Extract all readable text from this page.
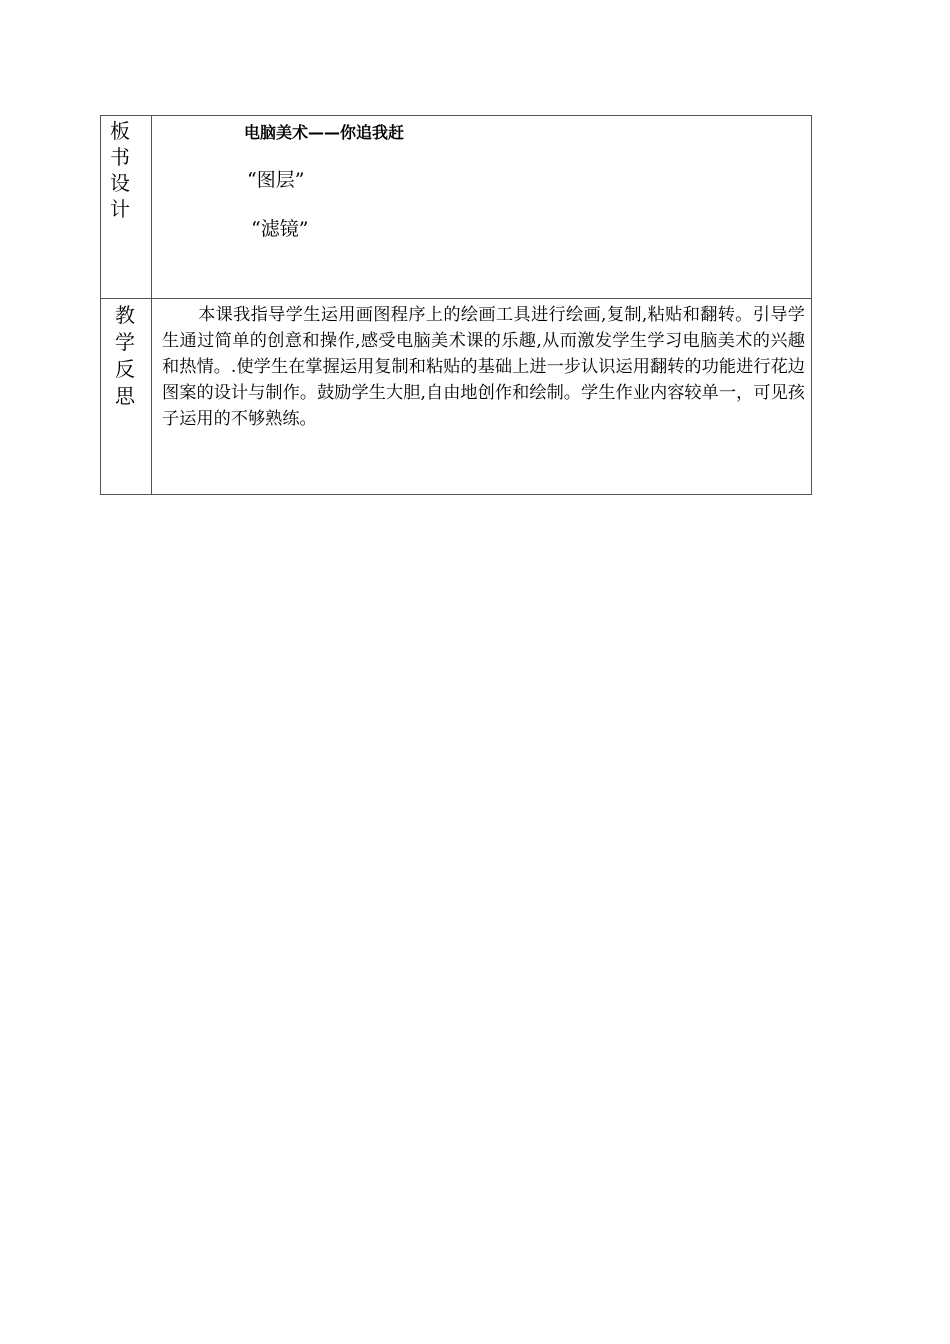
板书设计	电脑美术——你追我赶
“图层”
“滤镜”

教学反思	本课我指导学生运用画图程序上的绘画工具进行绘画,复制,粘贴和翻转。引导学生通过简单的创意和操作,感受电脑美术课的乐趣,从而激发学生学习电脑美术的兴趣和热情。.使学生在掌握运用复制和粘贴的基础上进一步认识运用翻转的功能进行花边图案的设计与制作。鼓励学生大胆,自由地创作和绘制。学生作业内容较单一，可见孩子运用的不够熟练。
